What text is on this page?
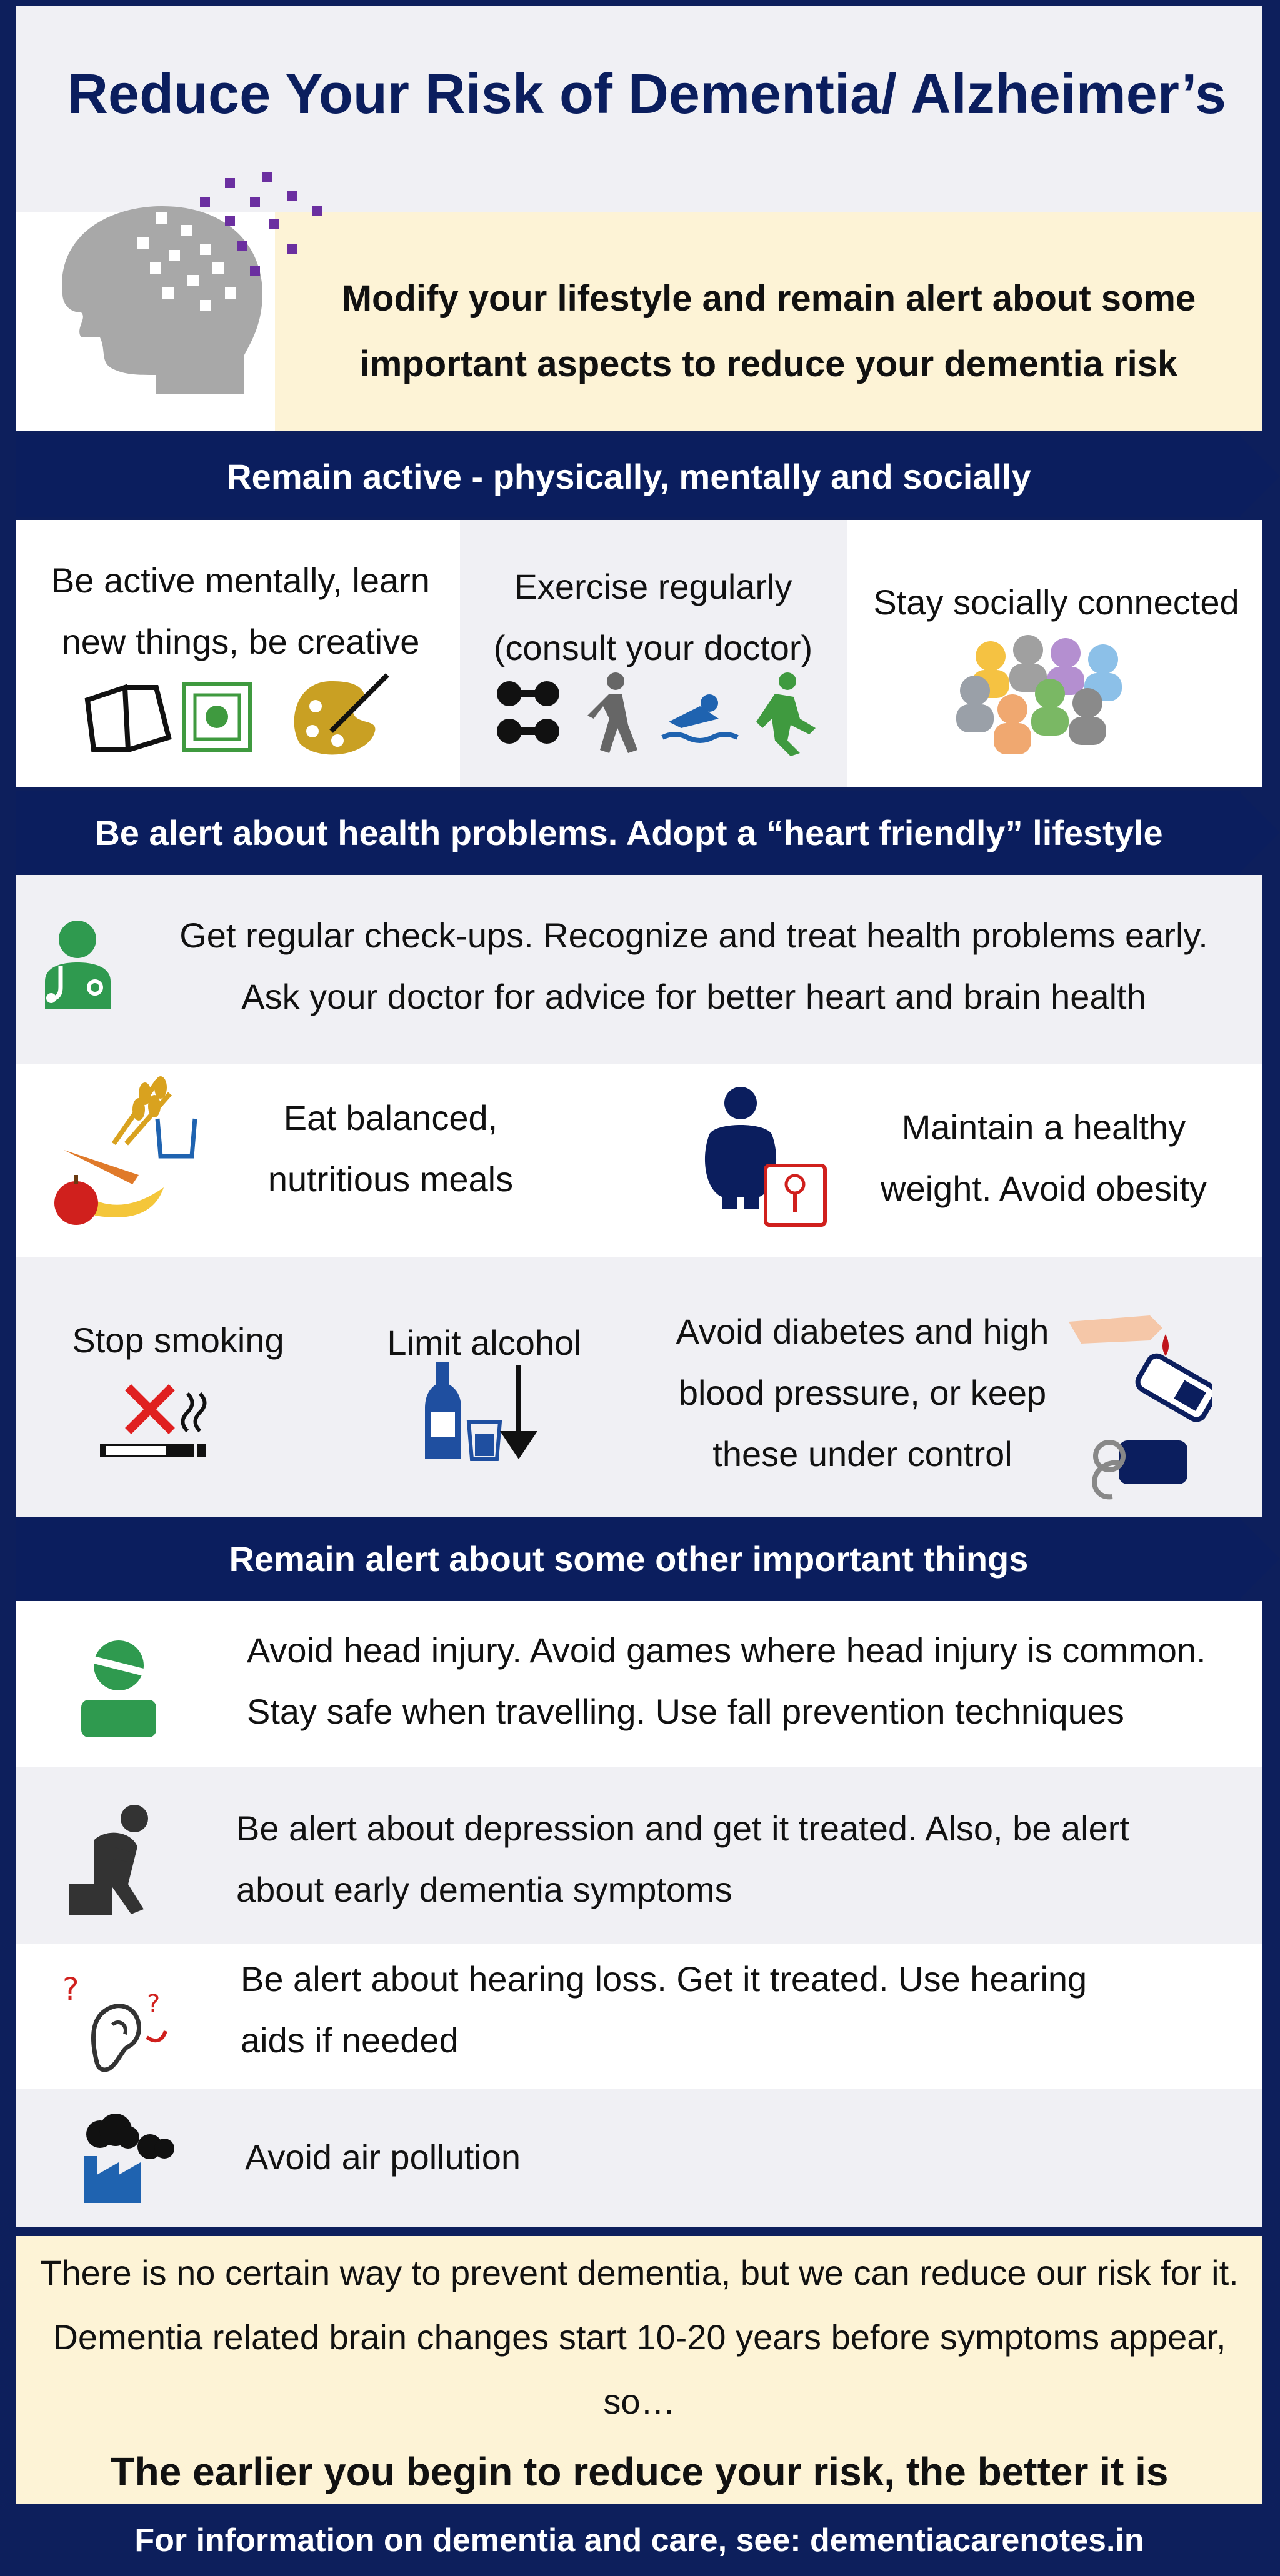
Reduce Your Risk of Dementia/ Alzheimer’s
Modify your lifestyle and remain alert about some important aspects to reduce your dementia risk
Remain active - physically, mentally and socially
Be active mentally, learn new things, be creative
Exercise regularly
(consult your doctor)
Stay socially connected
Be alert about health problems. Adopt a “heart friendly” lifestyle
Get regular check-ups. Recognize and treat health problems early.
Ask your doctor for advice for better heart and brain health
Eat balanced, nutritious meals
Maintain a healthy weight. Avoid obesity
Stop smoking	Limit alcohol	Avoid diabetes and high blood pressure, or keep these under control
Remain alert about some other important things
Avoid head injury. Avoid games where head injury is common.
Stay safe when travelling. Use fall prevention techniques
Be alert about depression and get it treated. Also, be alert
about early dementia symptoms
?	?
Be alert about hearing loss. Get it treated. Use hearing
aids if needed
Avoid air pollution
There is no certain way to prevent dementia, but we can reduce our risk for it. Dementia related brain changes start 10-20 years before symptoms appear, so…
The earlier you begin to reduce your risk, the better it is
For information on dementia and care, see: dementiacarenotes.in
